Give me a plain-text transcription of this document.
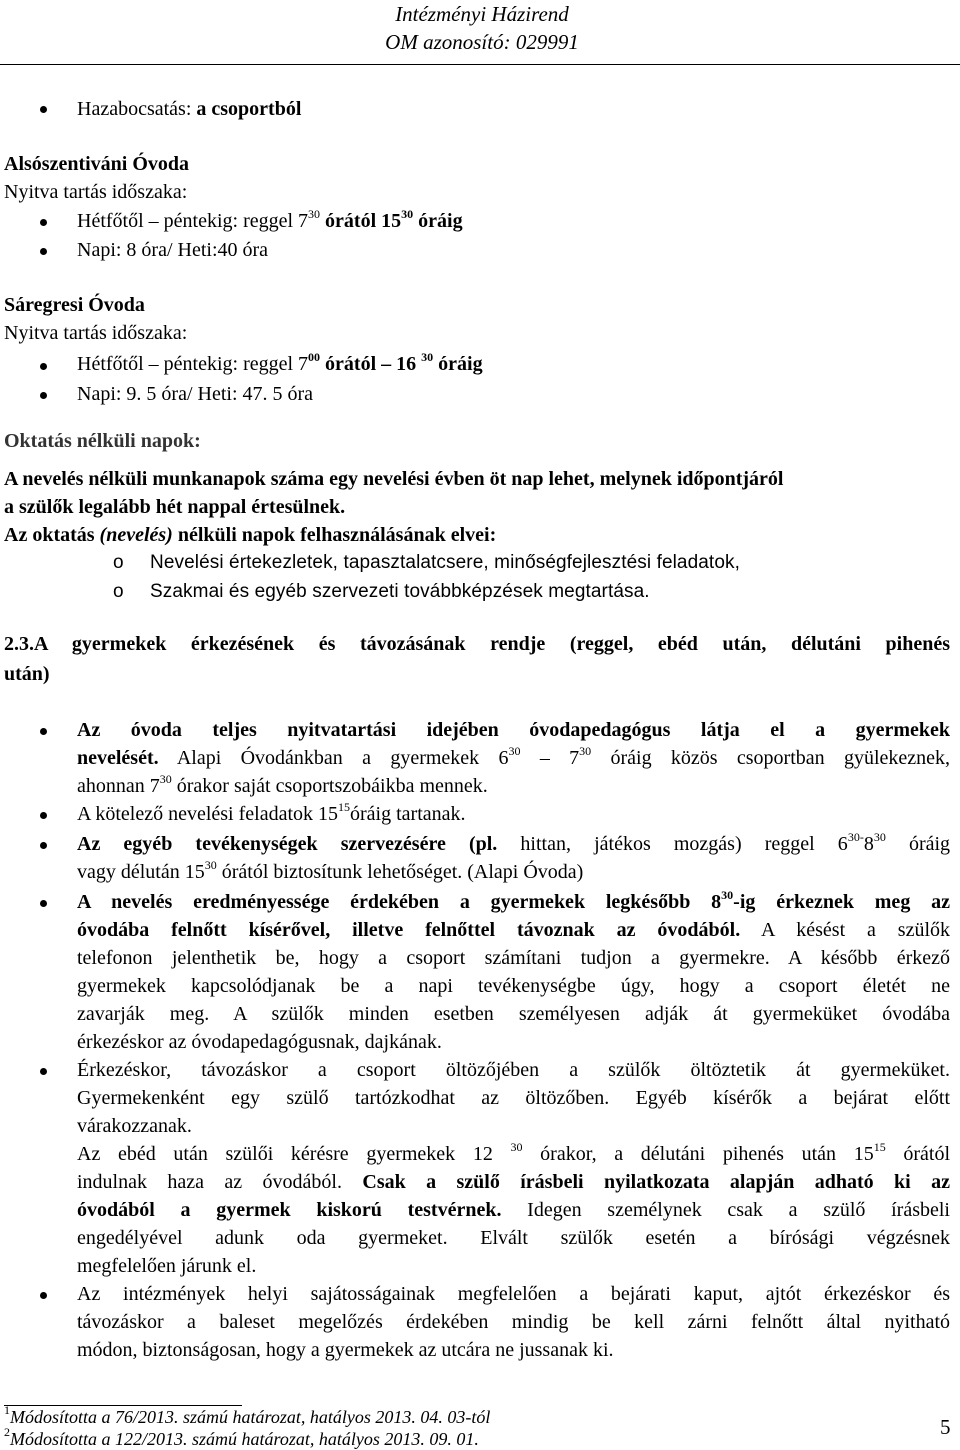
Intézményi Házirend
OM azonosító: 029991
Hazabocsatás: a csoportból
Alsószentiváni Óvoda
Nyitva tartás időszaka:
Hétfőtől – péntekig: reggel $7^{30}$ órától $15^{30}$ óráig
Napi: 8 óra/ Heti:40 óra
Sáregresi Óvoda
Nyitva tartás időszaka:
Hétfőtől – péntekig: reggel $7^{00}$ órától – 16 $^{30}$ óráig
Napi: 9. 5 óra/ Heti: 47. 5 óra
Oktatás nélküli napok:
A nevelés nélküli munkanapok száma egy nevelési évben öt nap lehet, melynek időpontjáról
a szülők legalább hét nappal értesülnek.
Az oktatás (nevelés) nélküli napok felhasználásának elvei:
o Nevelési értekezletek, tapasztalatcsere, minőségfejlesztési feladatok,
o Szakmai és egyéb szervezeti továbbképzések megtartása.
2.3.A gyermekek érkezésének és távozásának rendje (reggel, ebéd után, délutáni pihenés
után)
Az óvoda teljes nyitvatartási idejében óvodapedagógus látja el a gyermekek
nevelését. Alapi Óvodánkban a gyermekek $6^{30} - 7^{30}$ óráig közös csoportban gyülekeznek,
ahonnan $7^{30}$ órakor saját csoportszobáikba mennek.
A kötelező nevelési feladatok $15^{15}óráig$ tartanak.
Az egyéb tevékenységek szervezésére (pl. hittan, játékos mozgás) reggel $6^{30-}8^{30}$ óráig
vagy délután $15^{30}$ órától biztosítunk lehetőséget. (Alapi Óvoda)
A nevelés eredményessége érdekében a gyermekek legkésőbb $8^{30}-ig$ érkeznek meg az
óvodába felnőtt kísérővel, illetve felnőttel távoznak az óvodából. A késést a szülők
telefonon jelenthetik be, hogy a csoport számítani tudjon a gyermekre. A később érkező
gyermekek kapcsolódjanak be a napi tevékenységbe úgy, hogy a csoport életét ne
zavarják meg. A szülők minden esetben személyesen adják át gyermeküket óvodába
érkezéskor az óvodapedagógusnak, dajkának.
Érkezéskor, távozáskor a csoport öltözőjében a szülők öltöztetik át gyermeküket.
Gyermekenként egy szülő tartózkodhat az öltözőben. Egyéb kísérők a bejárat előtt
várakozzanak.
Az ebéd után szülői kérésre gyermekek 12 $^{30}$ órakor, a délutáni pihenés után $15^{15}$ órától
indulnak haza az óvodából. Csak a szülő írásbeli nyilatkozata alapján adható ki az
óvodából a gyermek kiskorú testvérnek. Idegen személynek csak a szülő írásbeli
engedélyével adunk oda gyermeket. Elvált szülők esetén a bírósági végzésnek
megfelelően járunk el.
Az intézmények helyi sajátosságainak megfelelően a bejárati kaput, ajtót érkezéskor és
távozáskor a baleset megelőzés érdekében mindig be kell zárni felnőtt által nyitható
módon, biztonságosan, hogy a gyermekek az utcára ne jussanak ki.
$^1$Módosította a 76/2013. számú határozat, hatályos 2013. 04. 03-tól
$^2$Módosította a 122/2013. számú határozat, hatályos 2013. 09. 01.	5
